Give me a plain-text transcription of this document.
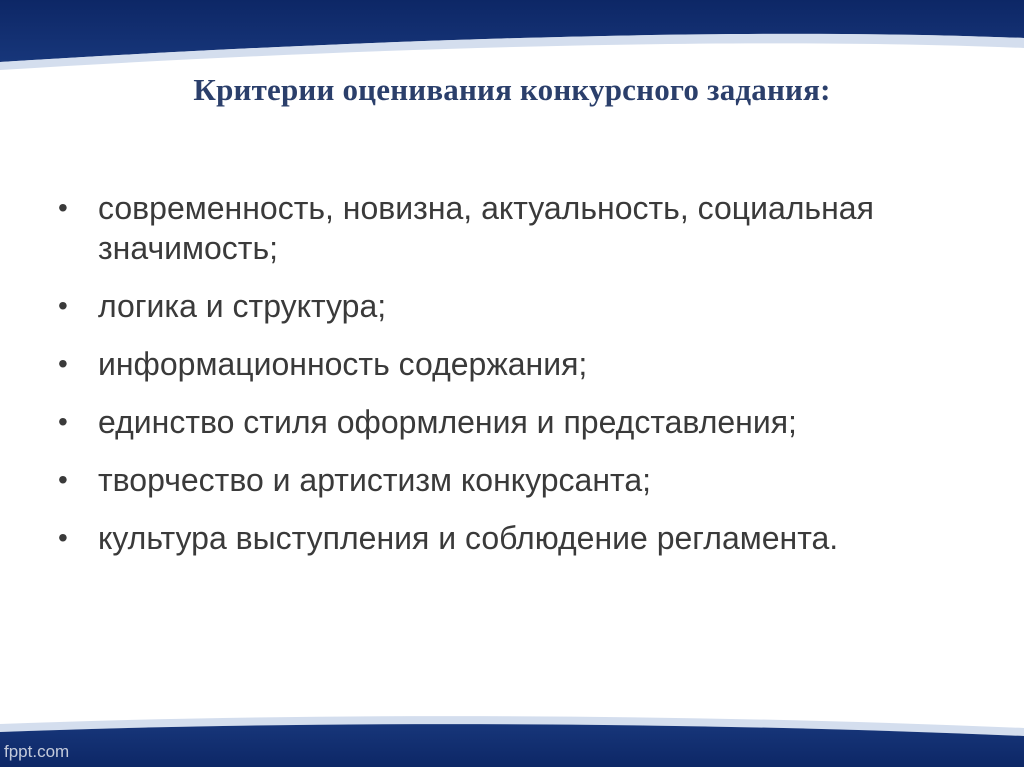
Критерии оценивания конкурсного задания:
• современность, новизна, актуальность, социальная значимость;
• логика и структура;
• информационность содержания;
• единство стиля оформления и представления;
• творчество и артистизм конкурсанта;
• культура выступления и соблюдение регламента.
fppt.com
